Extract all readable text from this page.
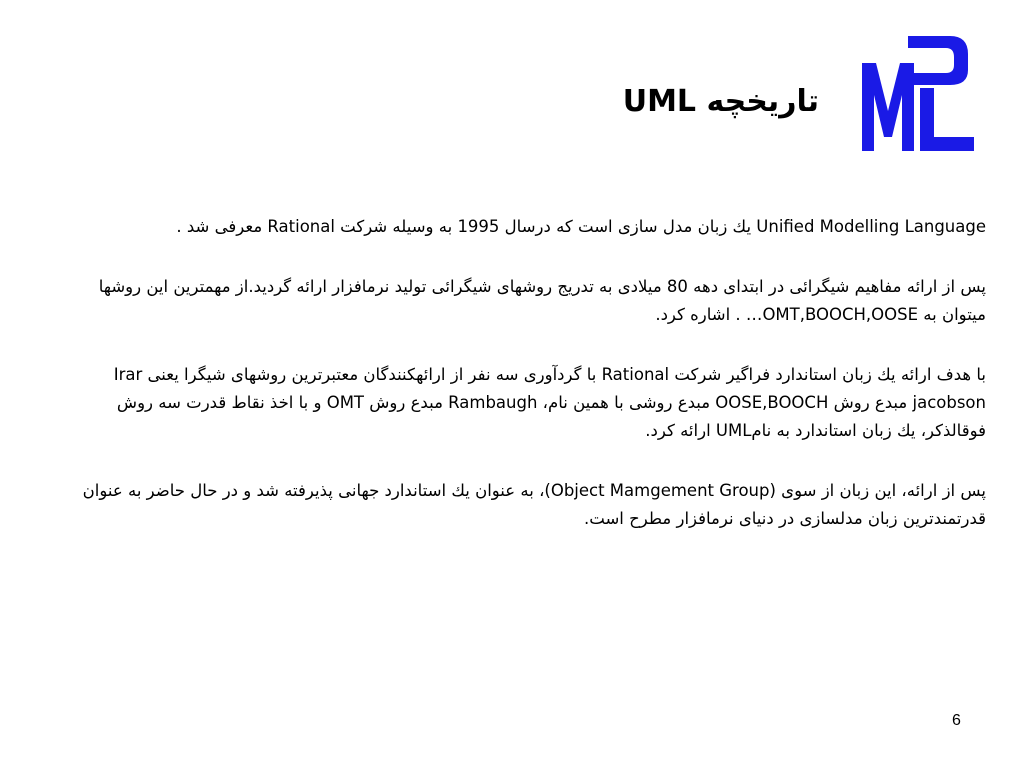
تاریخچه UML

Unified Modelling Language يك زبان مدل سازی است كه درسال 1995 به وسيله شركت Rational معرفی شد .

پس از ارائه مفاهيم شیگرائی در ابتدای دهه 80 ميلادی به تدريج روشهای شیگرائی توليد نرمافزار ارائه گرديد.از مهمترين اين روشها میتوان به OMT,BOOCH,OOSE… . اشاره كرد.

با هدف ارائه يك زبان استاندارد فراگير شركت Rational با گردآوری سه نفر از ارائهكنندگان معتبرترين روشهای شیگرا يعنی Irar jacobson مبدع روش OOSE,BOOCH مبدع روشی با همين نام، Rambaugh مبدع روش OMT و با اخذ نقاط قدرت سه روش فوقالذكر، يك زبان استاندارد به نامUML ارائه كرد.

پس از ارائه، اين زبان از سوی (Object Mamgement Group)، به عنوان يك استاندارد جهانی پذيرفته شد و در حال حاضر به عنوان قدرتمندترين زبان مدلسازی در دنيای نرمافزار مطرح است.

6
